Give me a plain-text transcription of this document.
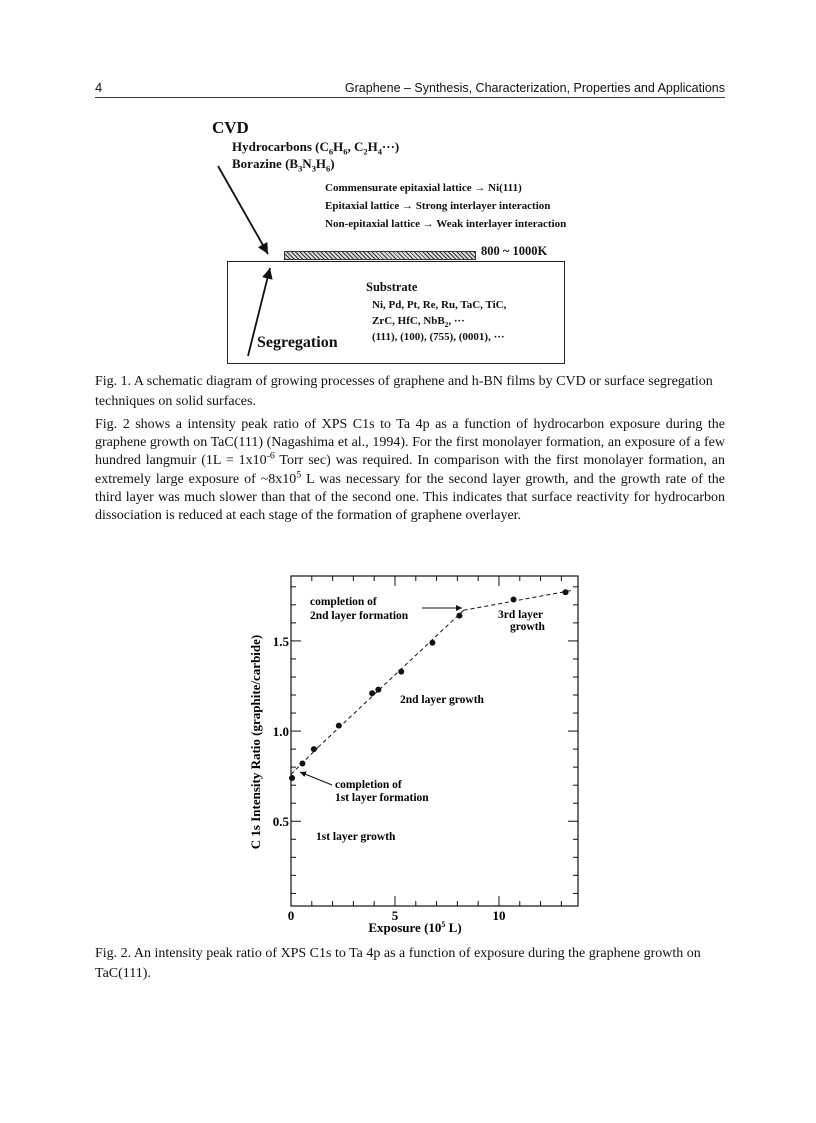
4	Graphene – Synthesis, Characterization, Properties and Applications
CVD
Hydrocarbons ($C_6H_6$, $C_2H_4\cdot\cdot\cdot$)
Borazine $(B_3N_3H_6)$
Commensurate epitaxial lattice → Ni(111)
Epitaxial lattice → Strong interlayer interaction
Non-epitaxial lattice → Weak interlayer interaction
800 ~ 1000K
Substrate
Ni, Pd, Pt, Re, Ru, TaC, TiC,
ZrC, HfC, NbB$_2$, ···
(111), (100), (755), (0001), ···
Segregation
Fig. 1. A schematic diagram of growing processes of graphene and h-BN films by CVD or surface segregation techniques on solid surfaces.

Fig. 2 shows a intensity peak ratio of XPS C1s to Ta 4p as a function of hydrocarbon exposure during the graphene growth on TaC(111) (Nagashima et al., 1994). For the first monolayer formation, an exposure of a few hundred langmuir ($1L = 1x10^{-6}$ Torr sec) was required. In comparison with the first monolayer formation, an extremely large exposure of $\sim 8x10^5$ L was necessary for the second layer growth, and the growth rate of the third layer was much slower than that of the second one. This indicates that surface reactivity for hydrocarbon dissociation is reduced at each stage of the formation of graphene overlayer.

0	5	10
0.5
1.0
1.5
C 1s Intensity Ratio (graphite/carbide)
Exposure ($10^5$ L)
completion of
2nd layer formation	3rd layer
growth
2nd layer growth
completion of
1st layer formation
1st layer growth
Fig. 2. An intensity peak ratio of XPS C1s to Ta 4p as a function of exposure during the graphene growth on TaC(111).
